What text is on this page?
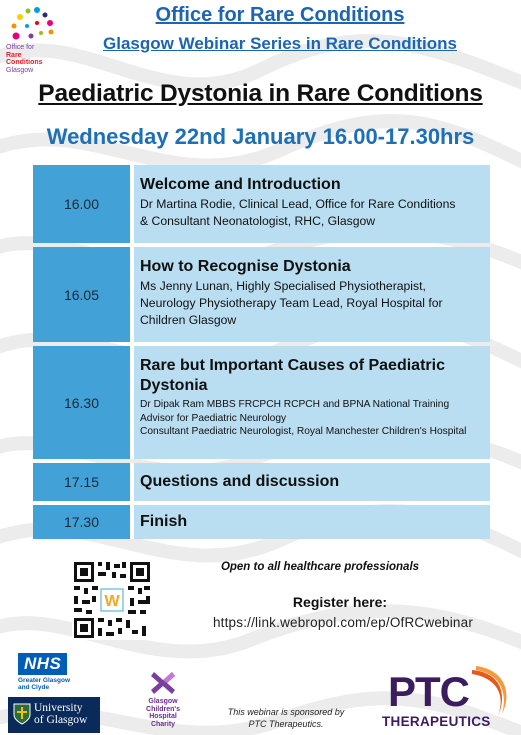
Office for
Rare
Conditions
Glasgow
Office for Rare Conditions
Glasgow Webinar Series in Rare Conditions
Paediatric Dystonia in Rare Conditions
Wednesday 22nd January 16.00-17.30hrs
16.00
Welcome and Introduction
Dr Martina Rodie, Clinical Lead, Office for Rare Conditions
& Consultant Neonatologist, RHC, Glasgow
16.05
How to Recognise Dystonia
Ms Jenny Lunan, Highly Specialised Physiotherapist,
Neurology Physiotherapy Team Lead, Royal Hospital for
Children Glasgow
16.30
Rare but Important Causes of Paediatric Dystonia
Dr Dipak Ram MBBS FRCPCH RCPCH and BPNA National Training
Advisor for Paediatric Neurology
Consultant Paediatric Neurologist, Royal Manchester Children's Hospital
17.15	Questions and discussion
17.30	Finish
W
Open to all healthcare professionals
Register here:
https://link.webropol.com/ep/OfRCwebinar
NHS
Greater Glasgow
and Clyde
University
of Glasgow
Glasgow
Children's
Hospital
Charity
This webinar is sponsored by
PTC Therapeutics.
PTC
THERAPEUTICS
